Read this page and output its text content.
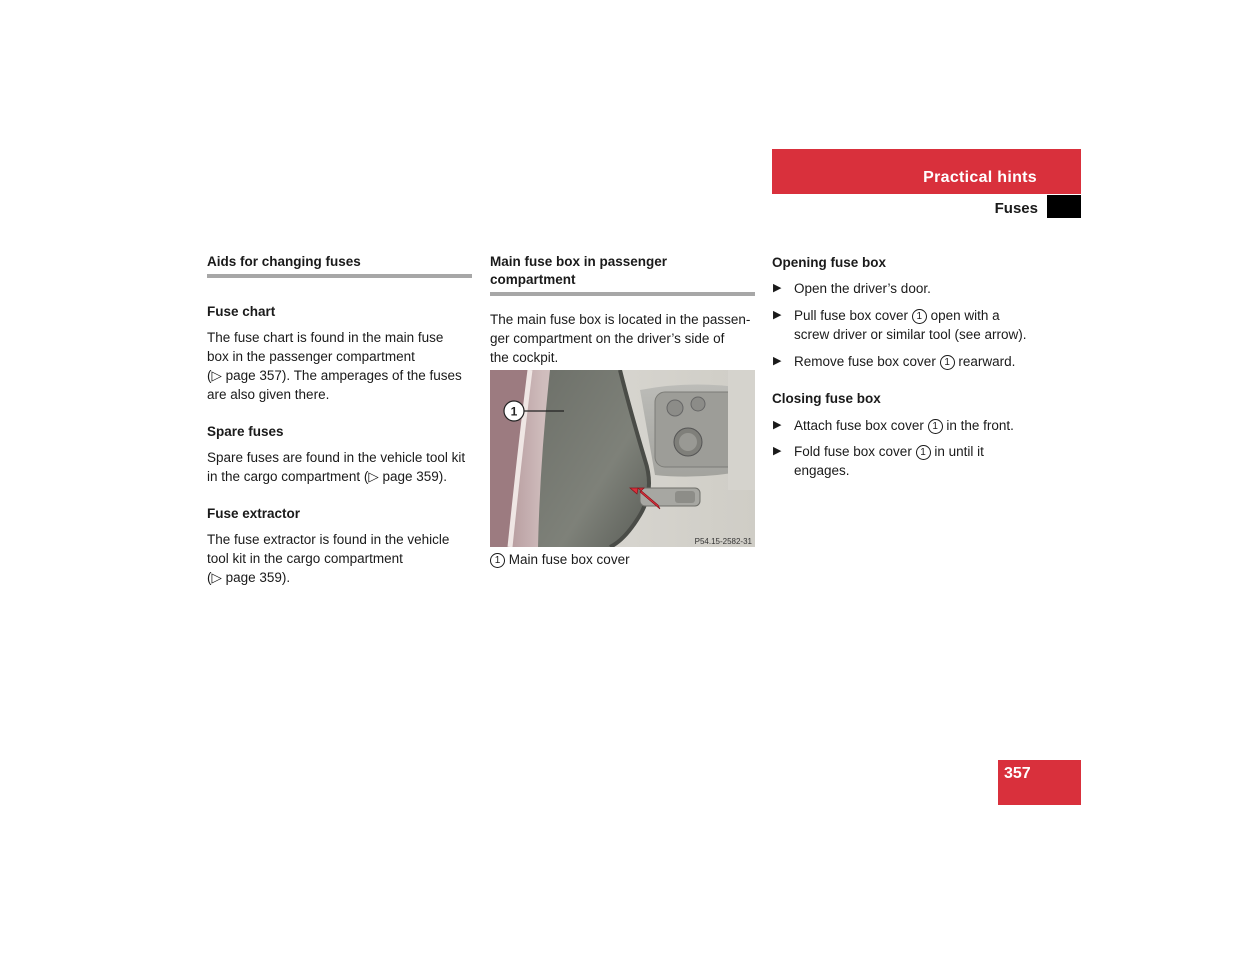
Practical hints
Fuses
Aids for changing fuses
Fuse chart

The fuse chart is found in the main fuse

box in the passenger compartment

(▷ page 357). The amperages of the fuses

are also given there.

Spare fuses

Spare fuses are found in the vehicle tool kit

in the cargo compartment (▷ page 359).

Fuse extractor

The fuse extractor is found in the vehicle

tool kit in the cargo compartment

(▷ page 359).

Main fuse box in passenger
compartment

The main fuse box is located in the passen-

ger compartment on the driver’s side of

the cockpit.

1
P54.15-2582-31
1 Main fuse box cover
Opening fuse box
▶ Open the driver’s door.
▶ Pull fuse box cover 1 open with a
screw driver or similar tool (see arrow).
▶ Remove fuse box cover 1 rearward.
Closing fuse box
▶ Attach fuse box cover 1 in the front.
▶ Fold fuse box cover 1 in until it
engages.
357
